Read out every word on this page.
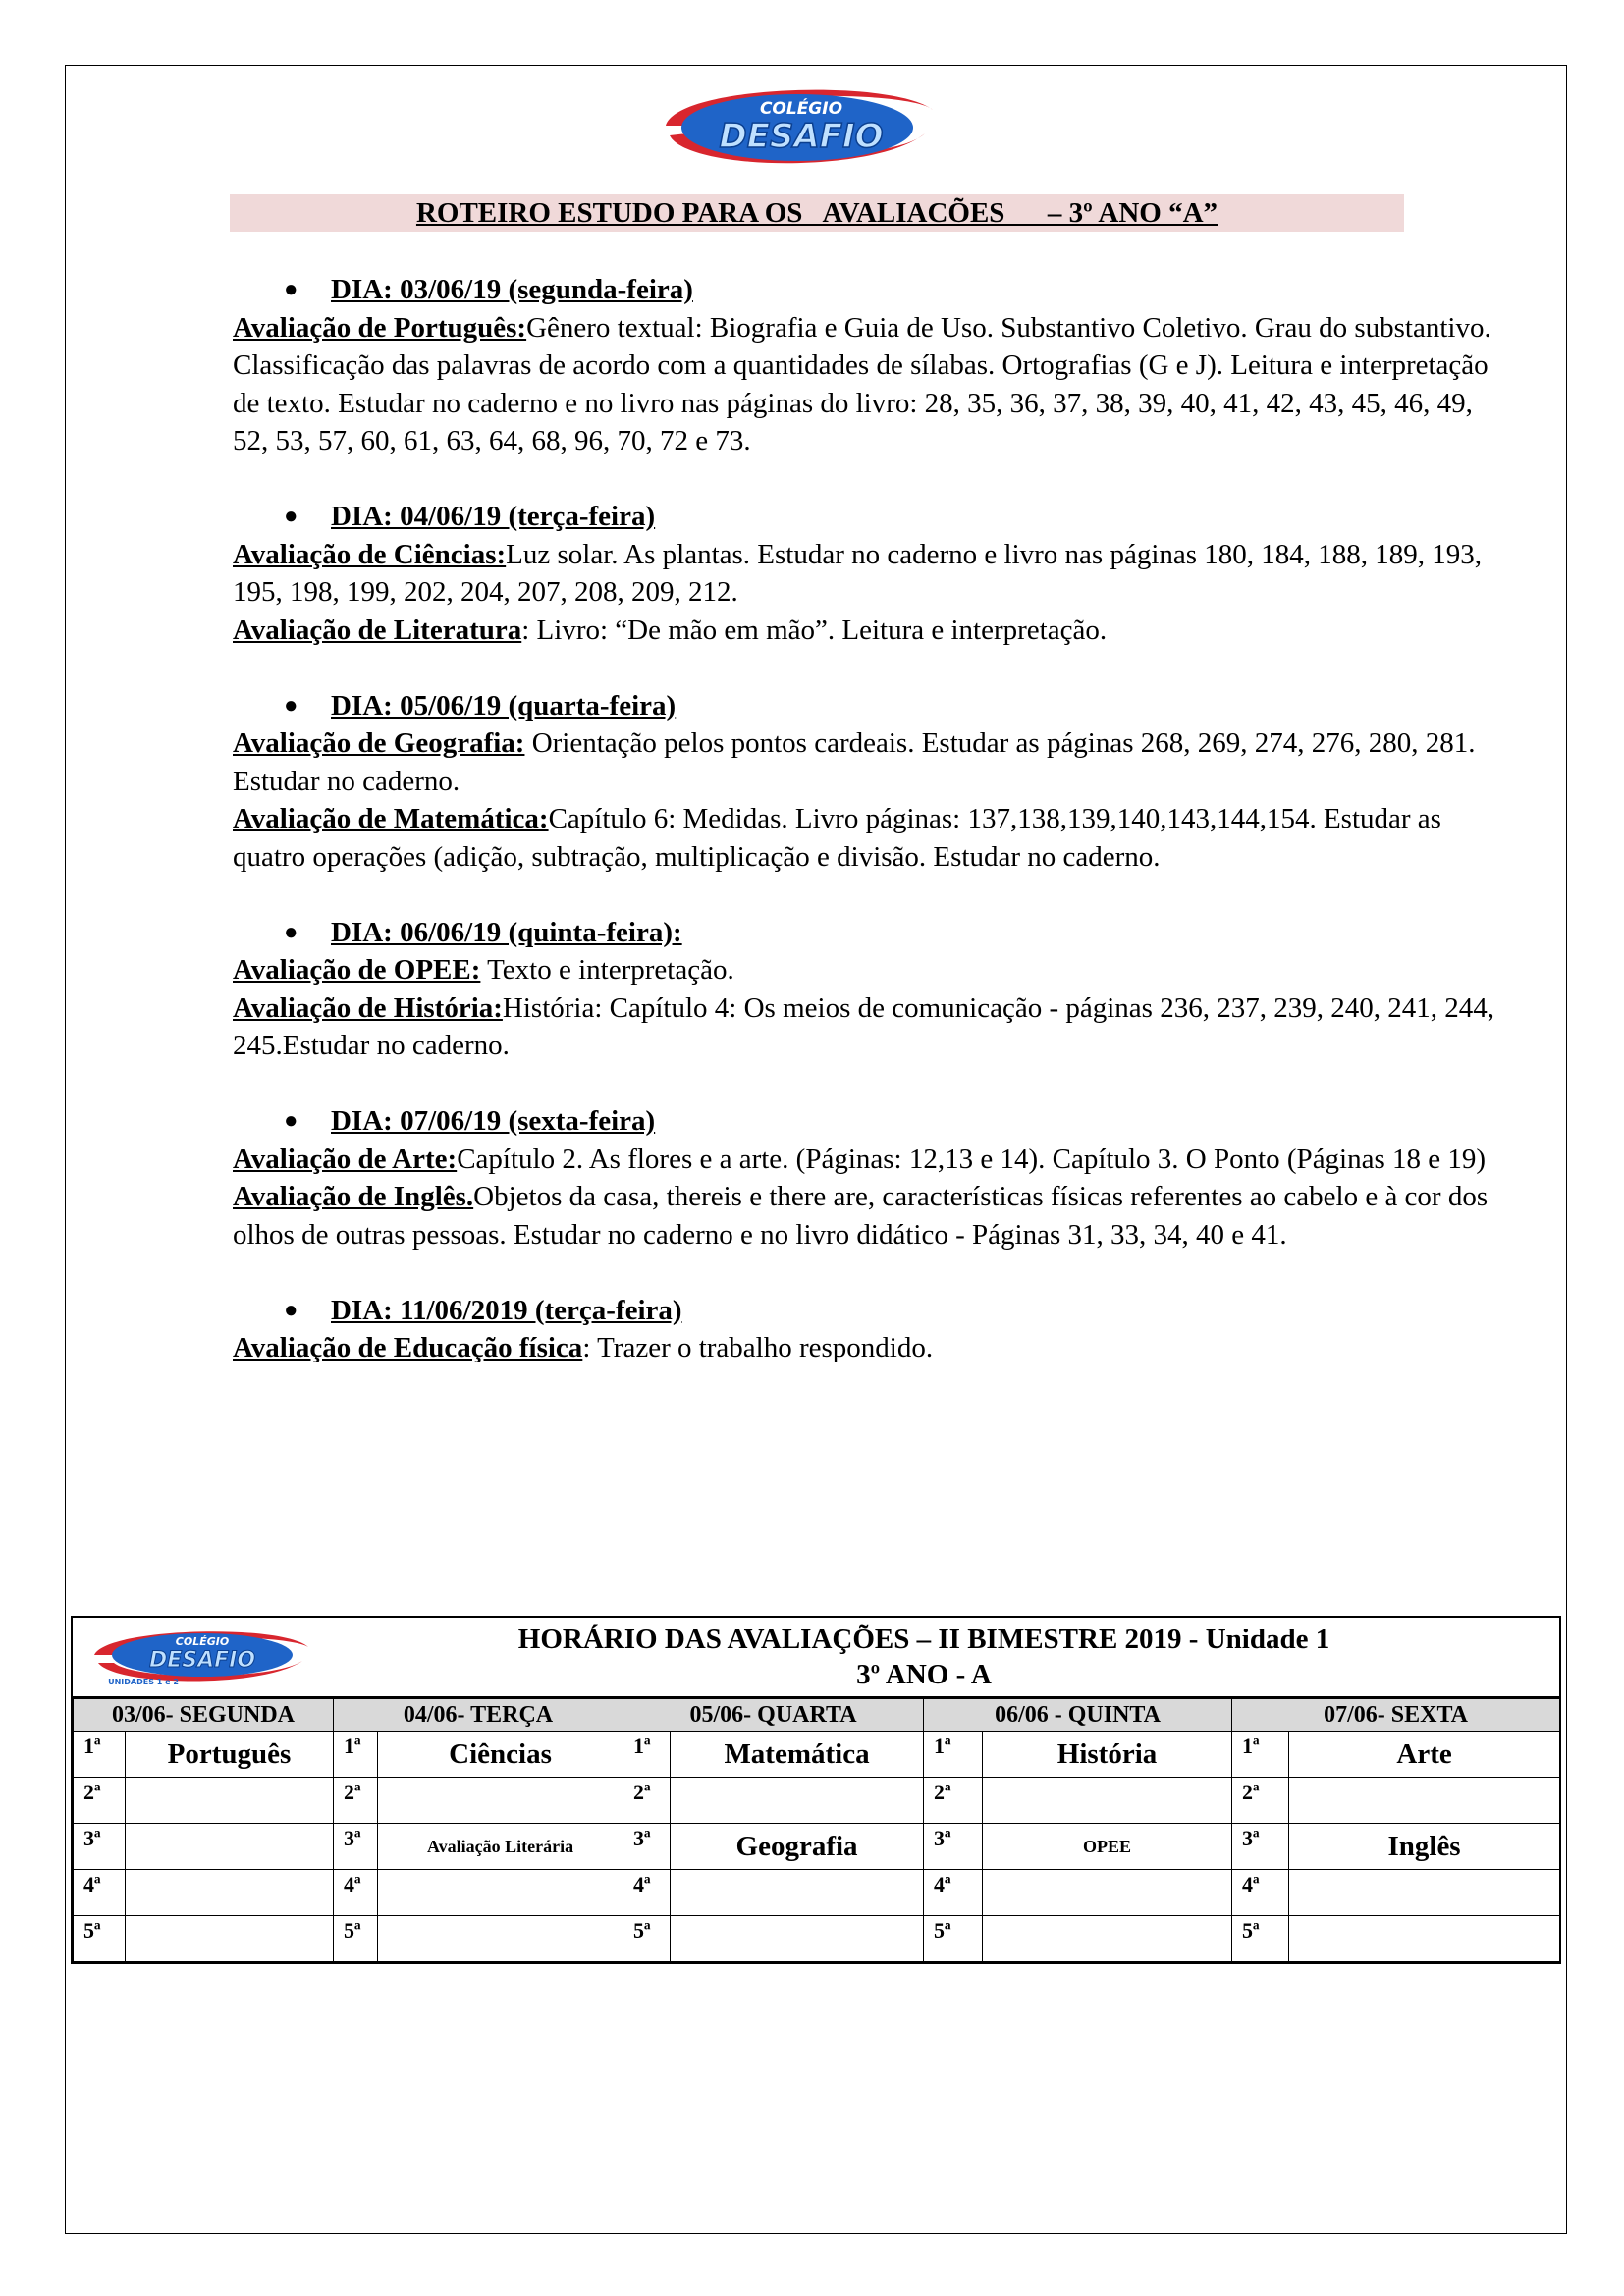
COLÉGIO
DESAFIO
ROTEIRO ESTUDO PARA OS   AVALIACÕES      – 3º ANO “A”
● DIA: 03/06/19 (segunda-feira)

Avaliação de Português:Gênero textual: Biografia e Guia de Uso. Substantivo Coletivo. Grau do substantivo. Classificação das palavras de acordo com a quantidades de sílabas. Ortografias (G e J). Leitura e interpretação de texto. Estudar no caderno e no livro nas páginas do livro: 28, 35, 36, 37, 38, 39, 40, 41, 42, 43, 45, 46, 49, 52, 53, 57, 60, 61, 63, 64, 68, 96, 70, 72 e 73.

● DIA: 04/06/19 (terça-feira)

Avaliação de Ciências:Luz solar. As plantas. Estudar no caderno e livro nas páginas 180, 184, 188, 189, 193, 195, 198, 199, 202, 204, 207, 208, 209, 212.

Avaliação de Literatura: Livro: “De mão em mão”. Leitura e interpretação.

● DIA: 05/06/19 (quarta-feira)

Avaliação de Geografia: Orientação pelos pontos cardeais. Estudar as páginas 268, 269, 274, 276, 280, 281. Estudar no caderno.

Avaliação de Matemática:Capítulo 6: Medidas. Livro páginas: 137,138,139,140,143,144,154. Estudar as quatro operações (adição, subtração, multiplicação e divisão. Estudar no caderno.

● DIA: 06/06/19 (quinta-feira):

Avaliação de OPEE: Texto e interpretação.

Avaliação de História:História: Capítulo 4: Os meios de comunicação - páginas 236, 237, 239, 240, 241, 244, 245.Estudar no caderno.

● DIA: 07/06/19 (sexta-feira)

Avaliação de Arte:Capítulo 2. As flores e a arte. (Páginas: 12,13 e 14). Capítulo 3. O Ponto (Páginas 18 e 19)

Avaliação de Inglês.Objetos da casa, thereis e there are, características físicas referentes ao cabelo e à cor dos olhos de outras pessoas. Estudar no caderno e no livro didático - Páginas 31, 33, 34, 40 e 41.

● DIA: 11/06/2019 (terça-feira)

Avaliação de Educação física: Trazer o trabalho respondido.

COLÉGIO
DESAFIO
UNIDADES 1 e 2
HORÁRIO DAS AVALIAÇÕES – II BIMESTRE 2019 - Unidade 1
3º ANO - A
03/06- SEGUNDA		04/06- TERÇA		05/06- QUARTA		06/06 - QUINTA		07/06- SEXTA	
1ª	Português	1ª	Ciências	1ª	Matemática	1ª	História	1ª	Arte
2ª		2ª		2ª		2ª		2ª	
3ª		3ª	Avaliação Literária	3ª	Geografia	3ª	OPEE	3ª	Inglês
4ª		4ª		4ª		4ª		4ª	
5ª		5ª		5ª		5ª		5ª	
